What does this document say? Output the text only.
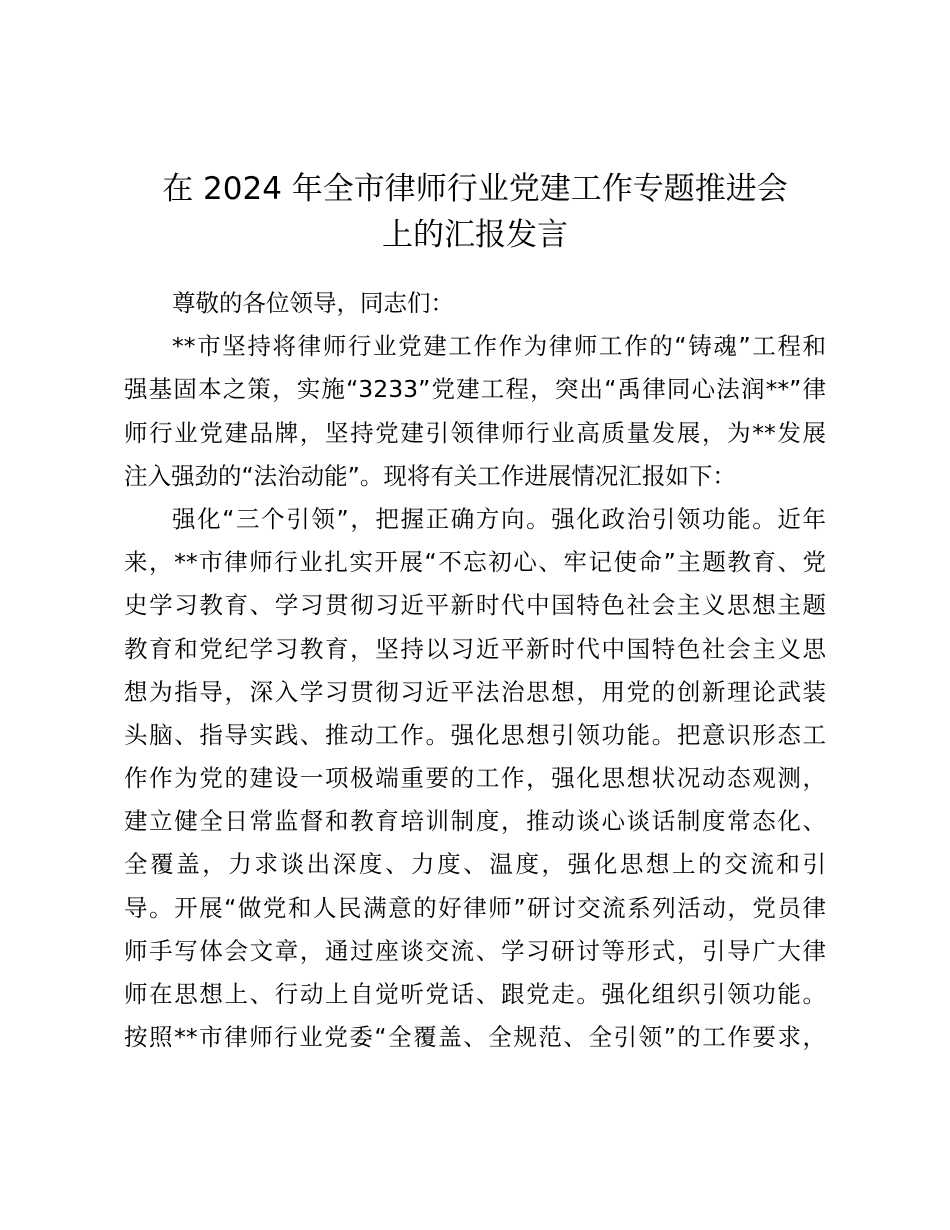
在 2024 年全市律师行业党建工作专题推进会
上的汇报发言
尊敬的各位领导，同志们：
**市坚持将律师行业党建工作作为律师工作的“铸魂”工程和
强基固本之策，实施“3233”党建工程，突出“禹律同心法润**”律
师行业党建品牌，坚持党建引领律师行业高质量发展，为**发展
注入强劲的“法治动能”。现将有关工作进展情况汇报如下：
强化“三个引领”，把握正确方向。强化政治引领功能。近年
来，**市律师行业扎实开展“不忘初心、牢记使命”主题教育、党
史学习教育、学习贯彻习近平新时代中国特色社会主义思想主题
教育和党纪学习教育，坚持以习近平新时代中国特色社会主义思
想为指导，深入学习贯彻习近平法治思想，用党的创新理论武装
头脑、指导实践、推动工作。强化思想引领功能。把意识形态工
作作为党的建设一项极端重要的工作，强化思想状况动态观测，
建立健全日常监督和教育培训制度，推动谈心谈话制度常态化、
全覆盖，力求谈出深度、力度、温度，强化思想上的交流和引
导。开展“做党和人民满意的好律师”研讨交流系列活动，党员律
师手写体会文章，通过座谈交流、学习研讨等形式，引导广大律
师在思想上、行动上自觉听党话、跟党走。强化组织引领功能。
按照**市律师行业党委“全覆盖、全规范、全引领”的工作要求，
